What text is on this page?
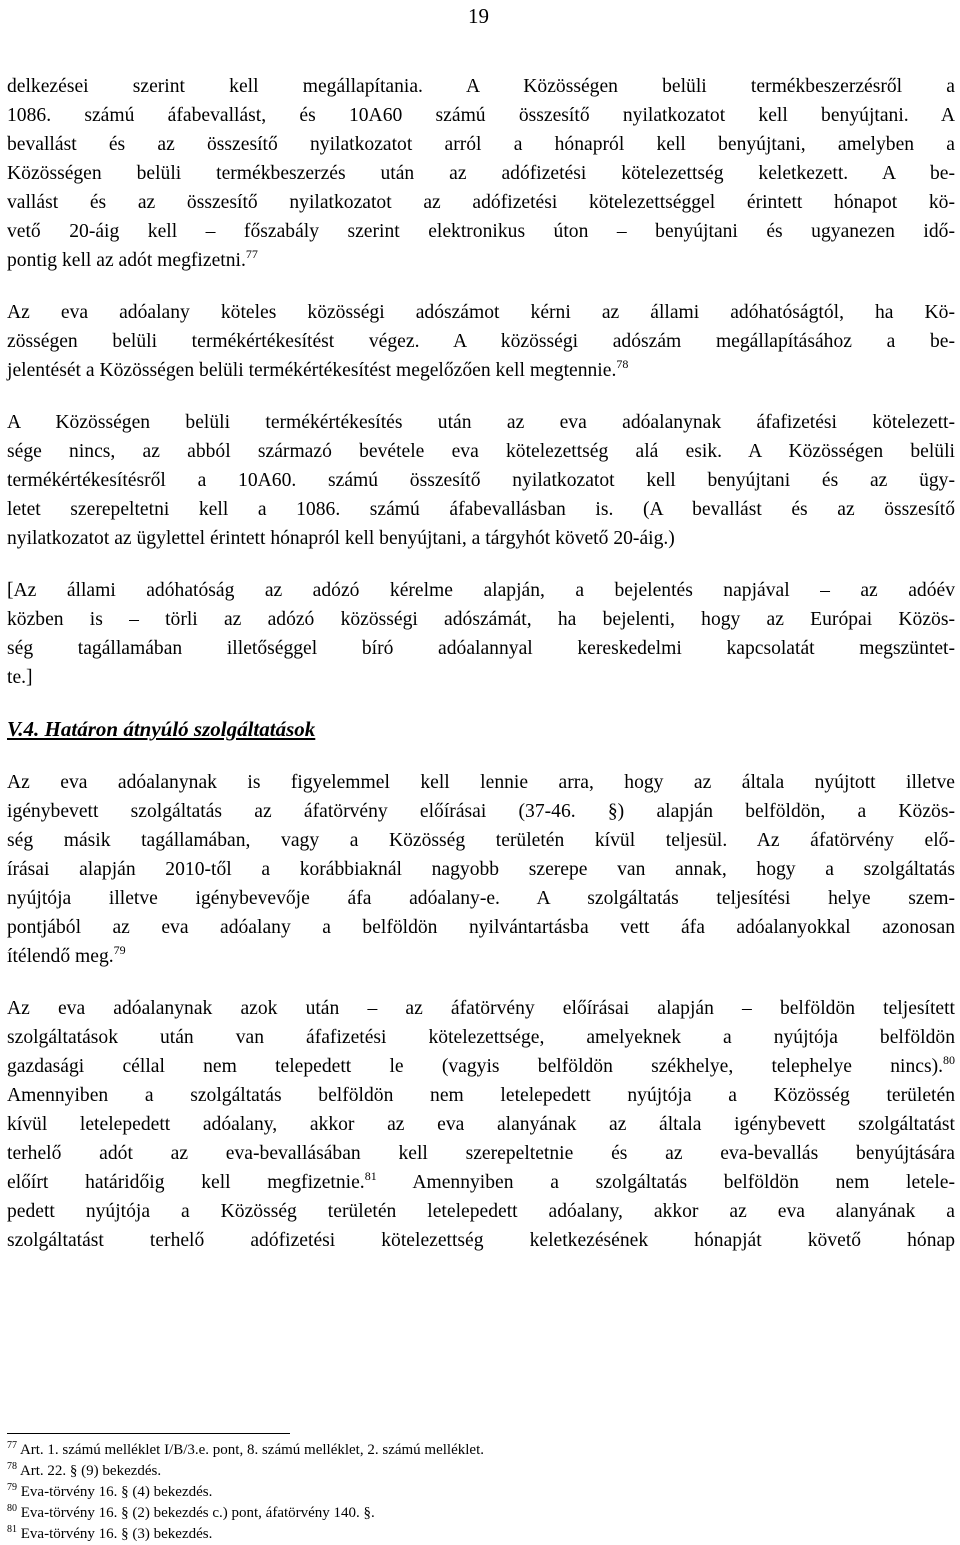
19

delkezései szerint kell megállapítania. A Közösségen belüli termékbeszerzésről a
1086. számú áfabevallást, és 10A60 számú összesítő nyilatkozatot kell benyújtani. A
bevallást és az összesítő nyilatkozatot arról a hónapról kell benyújtani, amelyben a
Közösségen belüli termékbeszerzés után az adófizetési kötelezettség keletkezett. A be-
vallást és az összesítő nyilatkozatot az adófizetési kötelezettséggel érintett hónapot kö-
vető 20-áig kell – főszabály szerint elektronikus úton – benyújtani és ugyanezen idő-
pontig kell az adót megfizetni.$^{77}$

Az eva adóalany köteles közösségi adószámot kérni az állami adóhatóságtól, ha Kö-
zösségen belüli termékértékesítést végez. A közösségi adószám megállapításához a be-
jelentését a Közösségen belüli termékértékesítést megelőzően kell megtennie.$^{78}$

A Közösségen belüli termékértékesítés után az eva adóalanynak áfafizetési kötelezett-
sége nincs, az abból származó bevétele eva kötelezettség alá esik. A Közösségen belüli
termékértékesítésről a 10A60. számú összesítő nyilatkozatot kell benyújtani és az ügy-
letet szerepeltetni kell a 1086. számú áfabevallásban is. (A bevallást és az összesítő
nyilatkozatot az ügylettel érintett hónapról kell benyújtani, a tárgyhót követő 20-áig.)

[Az állami adóhatóság az adózó kérelme alapján, a bejelentés napjával – az adóév
közben is – törli az adózó közösségi adószámát, ha bejelenti, hogy az Európai Közös-
ség tagállamában illetőséggel bíró adóalannyal kereskedelmi kapcsolatát megszüntet-
te.]

V.4. Határon átnyúló szolgáltatások

Az eva adóalanynak is figyelemmel kell lennie arra, hogy az általa nyújtott illetve
igénybevett szolgáltatás az áfatörvény előírásai (37-46. §) alapján belföldön, a Közös-
ség másik tagállamában, vagy a Közösség területén kívül teljesül. Az áfatörvény elő-
írásai alapján 2010-től a korábbiaknál nagyobb szerepe van annak, hogy a szolgáltatás
nyújtója illetve igénybevevője áfa adóalany-e. A szolgáltatás teljesítési helye szem-
pontjából az eva adóalany a belföldön nyilvántartásba vett áfa adóalanyokkal azonosan
ítélendő meg.$^{79}$

Az eva adóalanynak azok után – az áfatörvény előírásai alapján – belföldön teljesített
szolgáltatások után van áfafizetési kötelezettsége, amelyeknek a nyújtója belföldön
gazdasági céllal nem telepedett le (vagyis belföldön székhelye, telephelye nincs).$^{80}$
Amennyiben a szolgáltatás belföldön nem letelepedett nyújtója a Közösség területén
kívül letelepedett adóalany, akkor az eva alanyának az általa igénybevett szolgáltatást
terhelő adót az eva-bevallásában kell szerepeltetnie és az eva-bevallás benyújtására
előírt határidőig kell megfizetnie.$^{81}$ Amennyiben a szolgáltatás belföldön nem letele-
pedett nyújtója a Közösség területén letelepedett adóalany, akkor az eva alanyának a
szolgáltatást terhelő adófizetési kötelezettség keletkezésének hónapját követő hónap

$^{77}$ Art. 1. számú melléklet I/B/3.e. pont, 8. számú melléklet, 2. számú melléklet.

$^{78}$ Art. 22. § (9) bekezdés.

$^{79}$ Eva-törvény 16. § (4) bekezdés.

$^{80}$ Eva-törvény 16. § (2) bekezdés c.) pont, áfatörvény 140. §.

$^{81}$ Eva-törvény 16. § (3) bekezdés.
